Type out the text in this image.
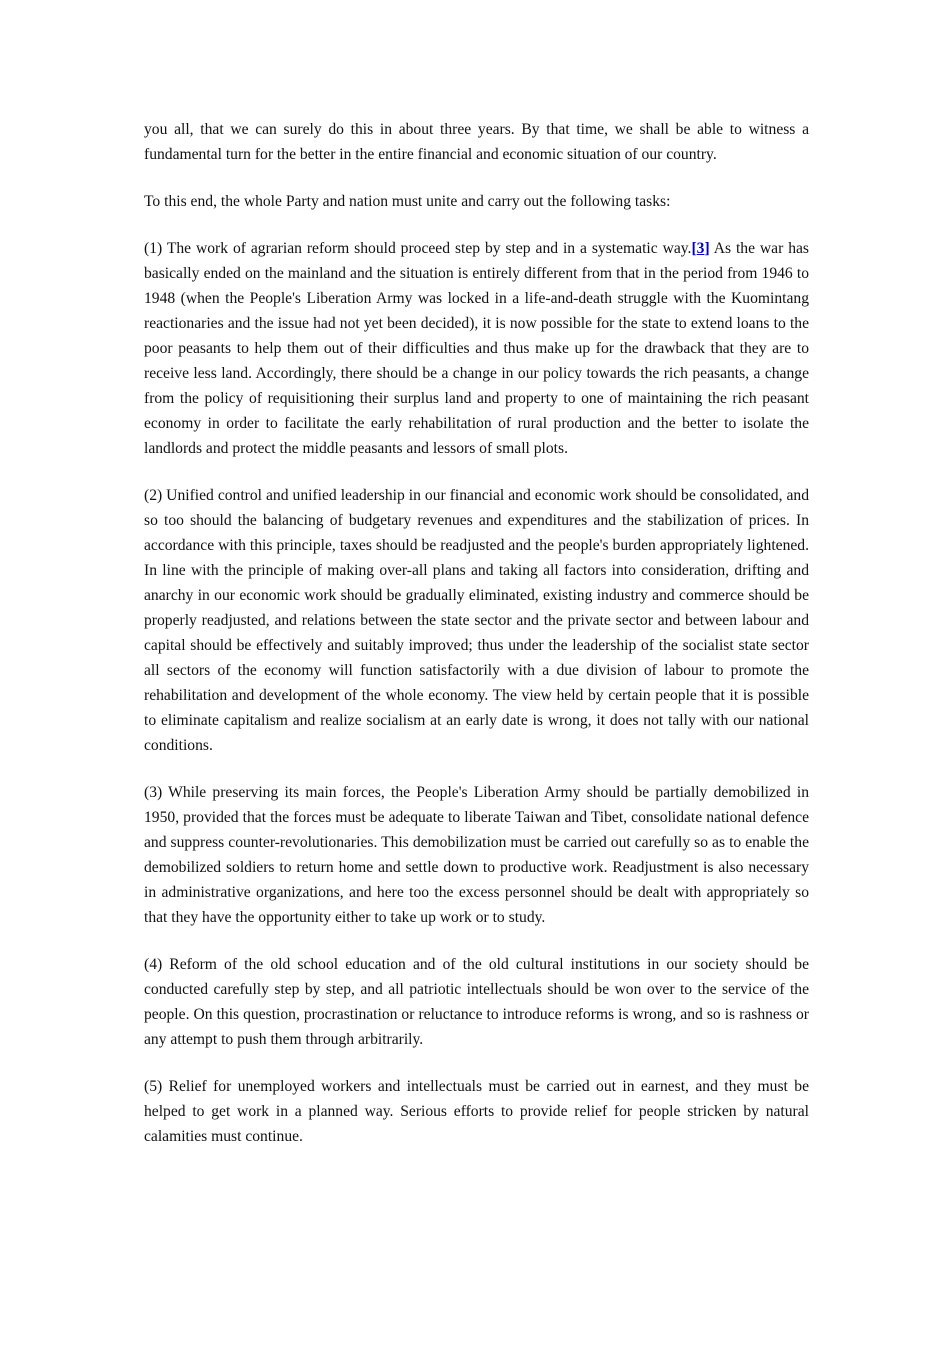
you all, that we can surely do this in about three years. By that time, we shall be able to witness a fundamental turn for the better in the entire financial and economic situation of our country.

To this end, the whole Party and nation must unite and carry out the following tasks:

(1) The work of agrarian reform should proceed step by step and in a systematic way.[3] As the war has basically ended on the mainland and the situation is entirely different from that in the period from 1946 to 1948 (when the People's Liberation Army was locked in a life-and-death struggle with the Kuomintang reactionaries and the issue had not yet been decided), it is now possible for the state to extend loans to the poor peasants to help them out of their difficulties and thus make up for the drawback that they are to receive less land. Accordingly, there should be a change in our policy towards the rich peasants, a change from the policy of requisitioning their surplus land and property to one of maintaining the rich peasant economy in order to facilitate the early rehabilitation of rural production and the better to isolate the landlords and protect the middle peasants and lessors of small plots.

(2) Unified control and unified leadership in our financial and economic work should be consolidated, and so too should the balancing of budgetary revenues and expenditures and the stabilization of prices. In accordance with this principle, taxes should be readjusted and the people's burden appropriately lightened. In line with the principle of making over-all plans and taking all factors into consideration, drifting and anarchy in our economic work should be gradually eliminated, existing industry and commerce should be properly readjusted, and relations between the state sector and the private sector and between labour and capital should be effectively and suitably improved; thus under the leadership of the socialist state sector all sectors of the economy will function satisfactorily with a due division of labour to promote the rehabilitation and development of the whole economy. The view held by certain people that it is possible to eliminate capitalism and realize socialism at an early date is wrong, it does not tally with our national conditions.

(3) While preserving its main forces, the People's Liberation Army should be partially demobilized in 1950, provided that the forces must be adequate to liberate Taiwan and Tibet, consolidate national defence and suppress counter-revolutionaries. This demobilization must be carried out carefully so as to enable the demobilized soldiers to return home and settle down to productive work. Readjustment is also necessary in administrative organizations, and here too the excess personnel should be dealt with appropriately so that they have the opportunity either to take up work or to study.

(4) Reform of the old school education and of the old cultural institutions in our society should be conducted carefully step by step, and all patriotic intellectuals should be won over to the service of the people. On this question, procrastination or reluctance to introduce reforms is wrong, and so is rashness or any attempt to push them through arbitrarily.

(5) Relief for unemployed workers and intellectuals must be carried out in earnest, and they must be helped to get work in a planned way. Serious efforts to provide relief for people stricken by natural calamities must continue.
